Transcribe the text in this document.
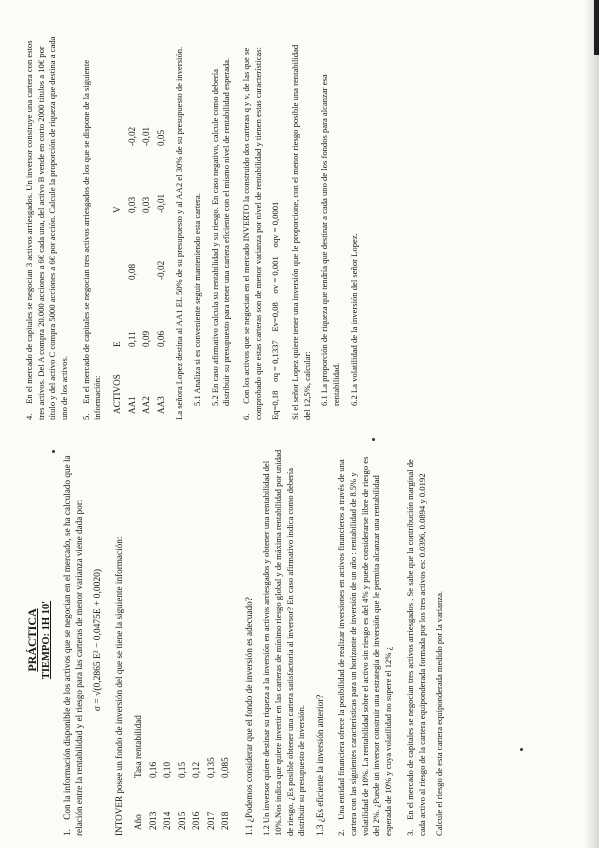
PRÁCTICA TIEMPO: 1H 10'

1. Con la información disponible de los activos que se negocian en el mercado, se ha calculado que la relación entre la rentabilidad y el riesgo para las carteras de menor varianza viene dada por: σ = √(0,2865 E² − 0,0475E + 0,0020) INTOVER posee un fondo de inversión del que se tiene la siguiente información: Año	Tasa rentabilidad
2013	0,16
2014	0,10
2015	0,15
2016	0,12
2017	0,135
2018	0,085 1.1 ¿Podemos considerar que el fondo de inversión es adecuado? 1.2 Un inversor quiere destinar su riqueza a la inversión en activos arriesgados y obtener una rentabilidad del 10%.Nos indica que quiere invertir en las carteras de mínimo riesgo global y de máxima rentabilidad por unidad de riesgo. ¿Es posible obtener una cartera satisfactoria al inversor? En caso afirmativo indica como debería distribuir su presupuesto de inversión. 1.3 ¿Es eficiente la inversión anterior? 2. Una entidad financiera ofrece la posibilidad de realizar inversiones en activos financieros a través de una cartera con las siguientes características para un horizonte de inversión de un año : rentabilidad de 8.5% y volatilidad de 10%. La rentabilidad sobre el activo sin riesgo es del 4% y puede considerarse libre de riesgo es del 2%. ¿Puede un inversor construir una estrategia de inversión que le permita alcanzar una rentabilidad esperada de 10% y cuya volatilidad no supere el 12% ¿ 3. En el mercado de capitales se negocian tres activos arriesgados . Se sabe que la contribución marginal de cada activo al riesgo de la cartera equiponderada formada por los tres activos es: 0.0396, 0.0894 y 0.0192 Calcule el riesgo de esta cartera equiponderada medido por la varianza.

4. En el mercado de capitales se negocian 3 activos arriesgados. Un inversor construye una cartera con estos tres activos. Del A compra 20.000 acciones a 6€ cada una, del activo B vende en corto 2000 títulos a 10€ por título y del activo C compra 5000 acciones a 6€ por acción. Calcule la proporción de riqueza que destina a cada uno de los activos. 5. En el mercado de capitales se negocian tres activos arriesgados de los que se dispone de la siguiente información: ACTIVOS	E		V	
AA1	0,11	0,08	0,03	-0,02
AA2	0,09		0,03	-0,01
AA3	0,06	-0,02	-0,01	0,05 La señora Lopez destina al AA1 EL 50% de su presupuesto y al AA2 el 30% de su presupuesto de inversión. 5.1 Analiza si es conveniente seguir manteniendo esta cartera. 5.2 En caso afirmativo calcula su rentabilidad y su riesgo. En caso negativo, calcule como debería distribuir su presupuesto para tener una cartera eficiente con el mismo nivel de rentabilidad esperada.

6. Con los activos que se negocian en el mercado INVERTO la construido dos carteras q y v, de las que se comprobado que estas carteras son de menor varianza por nivel de rentabilidad y tienen estas características: Eq=0,18    σq = 0,1337    Ev=0,08    σv = 0,001    σqv = 0,0001 Si el señor Lopez quiere tener una inversión que le proporcione, con el menor riesgo posible una rentabilidad del 12,5%, calcular: 6.1 La proporción de riqueza que tendría que destinar a cada uno de los fondos para alcanzar esa rentabilidad. 6.2 La volatilidad de la inversión del señor Lopez.
